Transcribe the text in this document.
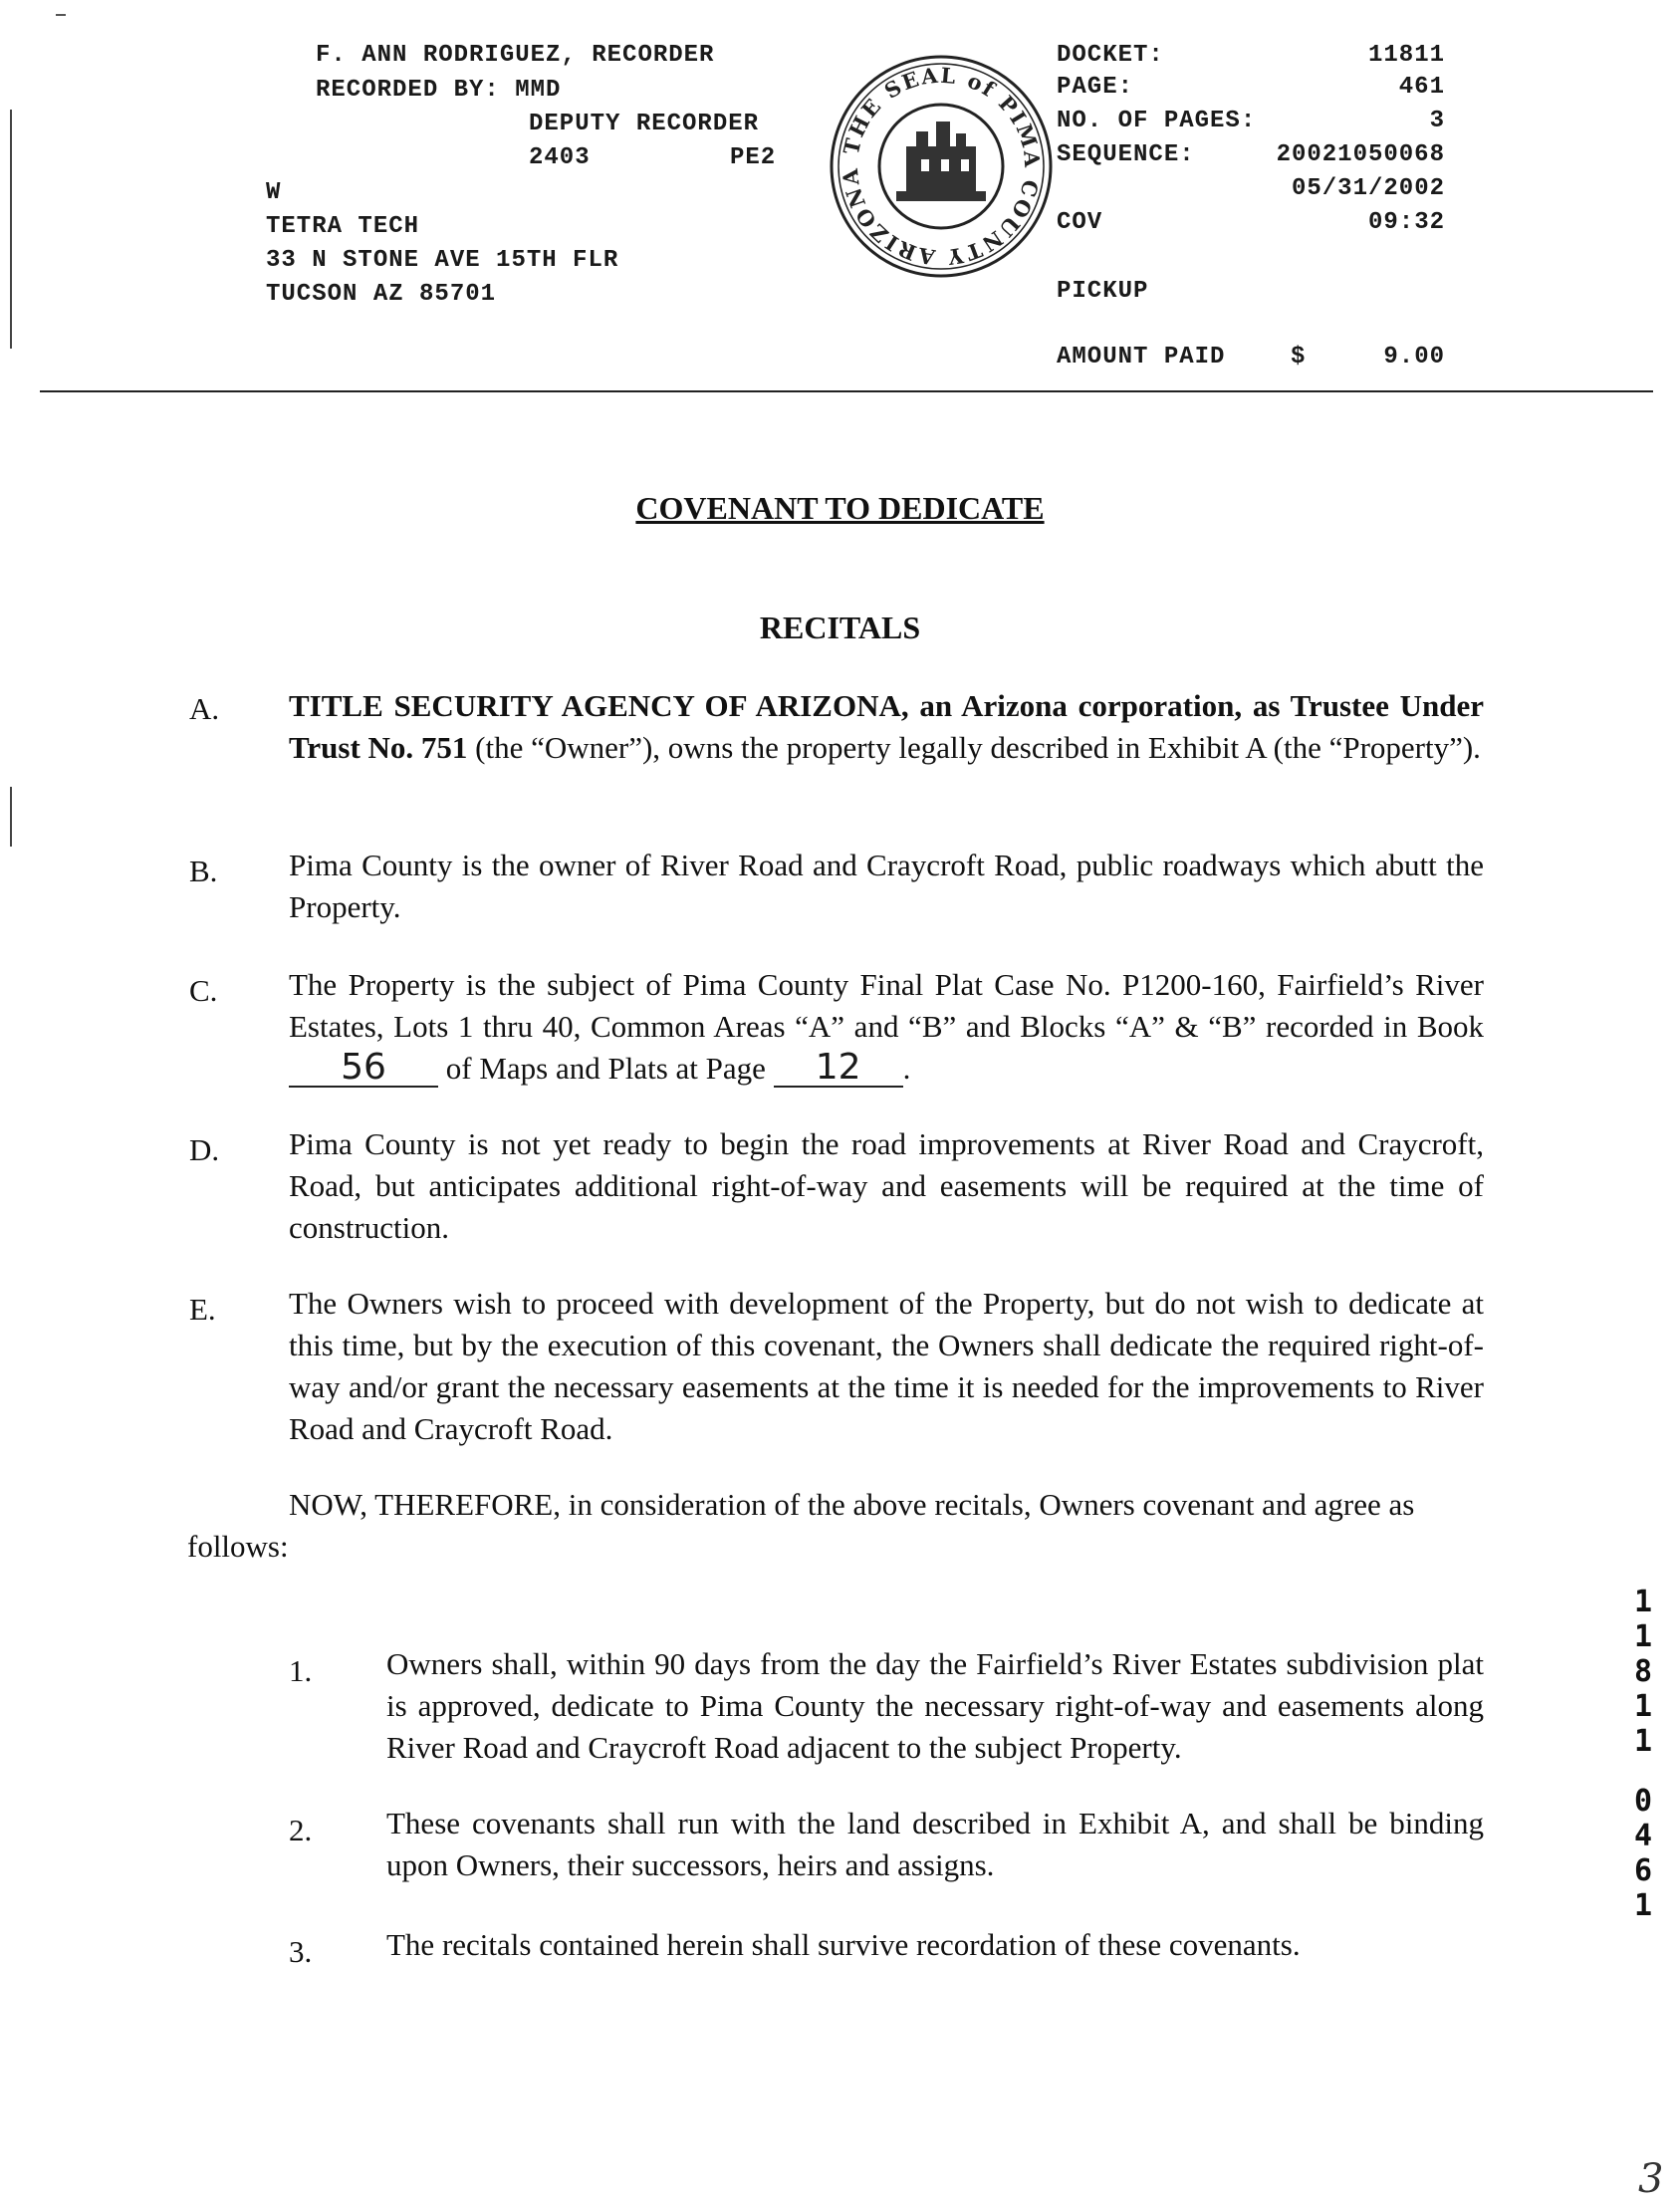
F. ANN RODRIGUEZ, RECORDER
RECORDED BY: MMD
DEPUTY RECORDER
2403	PE2
W
TETRA TECH
33 N STONE AVE 15TH FLR
TUCSON AZ 85701
THE SEAL of PIMA COUNTY ARIZONA
DOCKET:	11811
PAGE:	461
NO. OF PAGES:	3
SEQUENCE:	20021050068
05/31/2002
COV	09:32
PICKUP
AMOUNT PAID	$	9.00
COVENANT TO DEDICATE
RECITALS
A. TITLE SECURITY AGENCY OF ARIZONA, an Arizona corporation, as Trustee Under Trust No. 751 (the “Owner”), owns the property legally described in Exhibit A (the “Property”).
B. Pima County is the owner of River Road and Craycroft Road, public roadways which abutt the Property.
C. The Property is the subject of Pima County Final Plat Case No. P1200-160, Fairfield’s River Estates, Lots 1 thru 40, Common Areas “A” and “B” and Blocks “A” & “B” recorded in Book 56 of Maps and Plats at Page 12 .
D. Pima County is not yet ready to begin the road improvements at River Road and Craycroft, Road, but anticipates additional right-of-way and easements will be required at the time of construction.
E. The Owners wish to proceed with development of the Property, but do not wish to dedicate at this time, but by the execution of this covenant, the Owners shall dedicate the required right-of-way and/or grant the necessary easements at the time it is needed for the improvements to River Road and Craycroft Road.
NOW, THEREFORE, in consideration of the above recitals, Owners covenant and agree as
follows:
1. Owners shall, within 90 days from the day the Fairfield’s River Estates subdivision plat is approved, dedicate to Pima County the necessary right-of-way and easements along River Road and Craycroft Road adjacent to the subject Property.
2. These covenants shall run with the land described in Exhibit A, and shall be binding upon Owners, their successors, heirs and assigns.
3. The recitals contained herein shall survive recordation of these covenants.
1
1
8
1
1
0
4
6
1
3
